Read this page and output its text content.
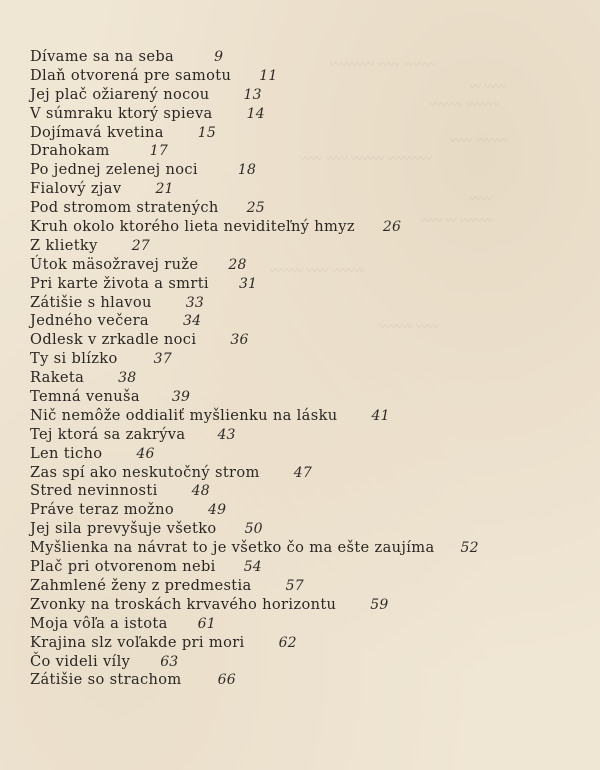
〰〰〰 〰〰 〰〰〰〰
〰〰 〰
〰〰〰 〰〰〰
〰〰〰 〰〰
〰〰〰〰 〰〰〰 〰〰 〰〰
〰〰
〰〰〰 〰 〰〰
〰〰〰 〰〰 〰〰〰
〰〰 〰〰〰
Dívame sa na seba	9
Dlaň otvorená pre samotu 11
Jej plač ožiarený nocou 13
V súmraku ktorý spieva 14
Dojímavá kvetina 15
Drahokam	17
Po jednej zelenej noci	18
Fialový zjav 21
Pod stromom stratených 25
Kruh okolo ktorého lieta neviditeľný hmyz 26
Z klietky 27
Útok mäsožravej ruže 28
Pri karte života a smrti 31
Zátišie s hlavou 33
Jedného večera 34
Odlesk v zrkadle noci 36
Ty si blízko	37
Raketa 38
Temná venuša 39
Nič nemôže oddialiť myšlienku na lásku 41
Tej ktorá sa zakrýva 43
Len ticho 46
Zas spí ako neskutočný strom 47
Stred nevinnosti 48
Práve teraz možno 49
Jej sila prevyšuje všetko 50
Myšlienka na návrat to je všetko čo ma ešte zaujíma 52
Plač pri otvorenom nebi 54
Zahmlené ženy z predmestia 57
Zvonky na troskách krvavého horizontu 59
Moja vôľa a istota 61
Krajina slz voľakde pri mori 62
Čo videli víly 63
Zátišie so strachom	66
